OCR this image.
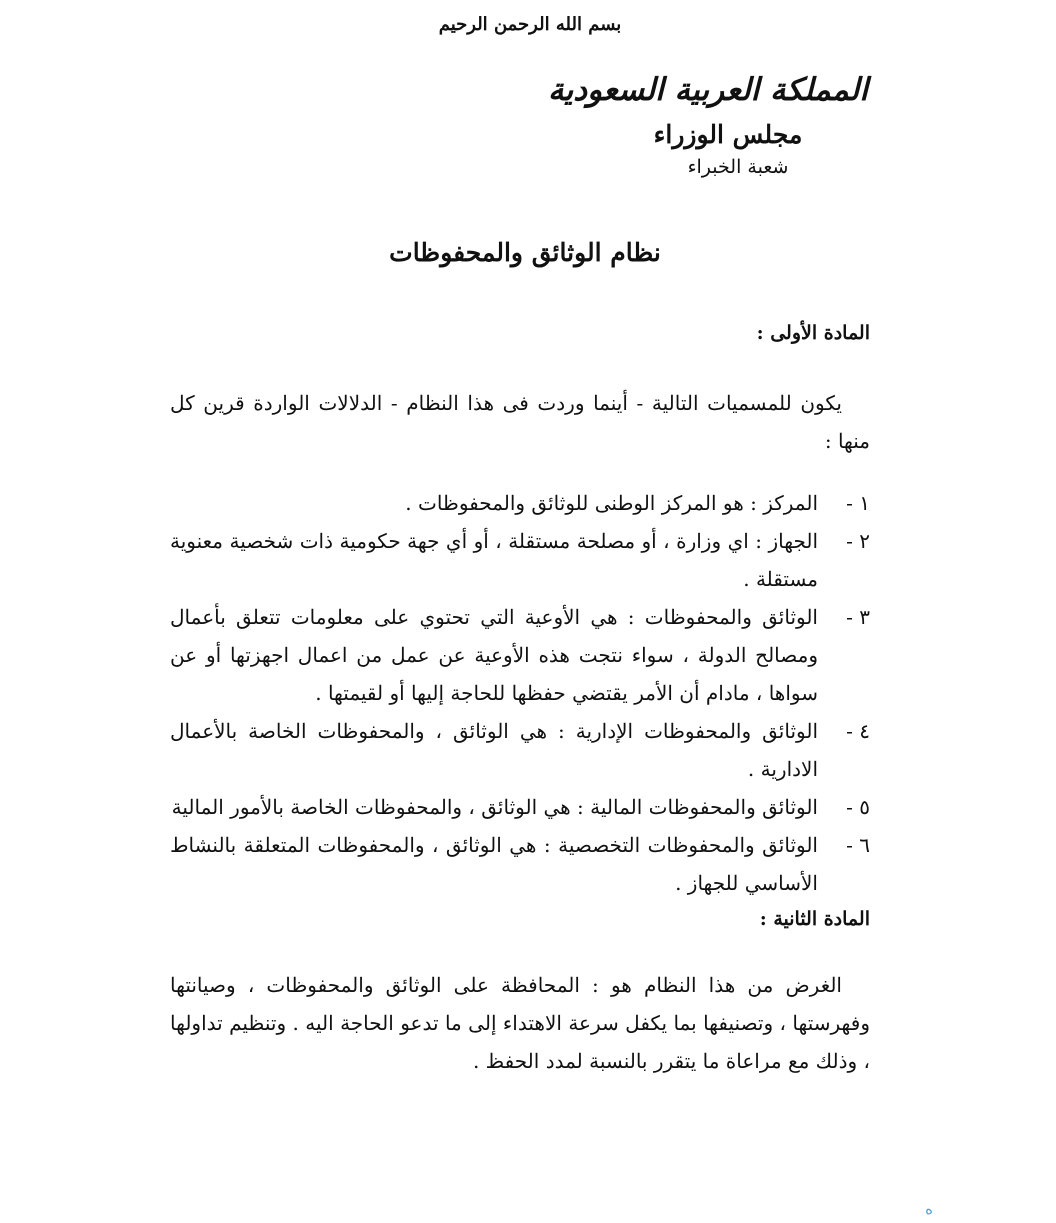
بسم الله الرحمن الرحيم
المملكة العربية السعودية
مجلس الوزراء
شعبة الخبراء
نظام الوثائق والمحفوظات
المادة الأولى :

يكون للمسميات التالية - أينما وردت فى هذا النظام - الدلالات الواردة قرين كل منها :

١ -
المركز : هو المركز الوطنى للوثائق والمحفوظات .
٢ -
الجهاز : اي وزارة ، أو مصلحة مستقلة ، أو أي جهة حكومية ذات شخصية معنوية مستقلة .
٣ -
الوثائق والمحفوظات : هي الأوعية التي تحتوي على معلومات تتعلق بأعمال ومصالح الدولة ، سواء نتجت هذه الأوعية عن عمل من اعمال اجهزتها أو عن سواها ، مادام أن الأمر يقتضي حفظها للحاجة إليها أو لقيمتها .
٤ -
الوثائق والمحفوظات الإدارية : هي الوثائق ، والمحفوظات الخاصة بالأعمال الادارية .
٥ -
الوثائق والمحفوظات المالية : هي الوثائق ، والمحفوظات الخاصة بالأمور المالية
٦ -
الوثائق والمحفوظات التخصصية : هي الوثائق ، والمحفوظات المتعلقة بالنشاط الأساسي للجهاز .
المادة الثانية :

الغرض من هذا النظام هو : المحافظة على الوثائق والمحفوظات ، وصيانتها وفهرستها ، وتصنيفها بما يكفل سرعة الاهتداء إلى ما تدعو الحاجة اليه . وتنظيم تداولها ، وذلك مع مراعاة ما يتقرر بالنسبة لمدد الحفظ .

ه
